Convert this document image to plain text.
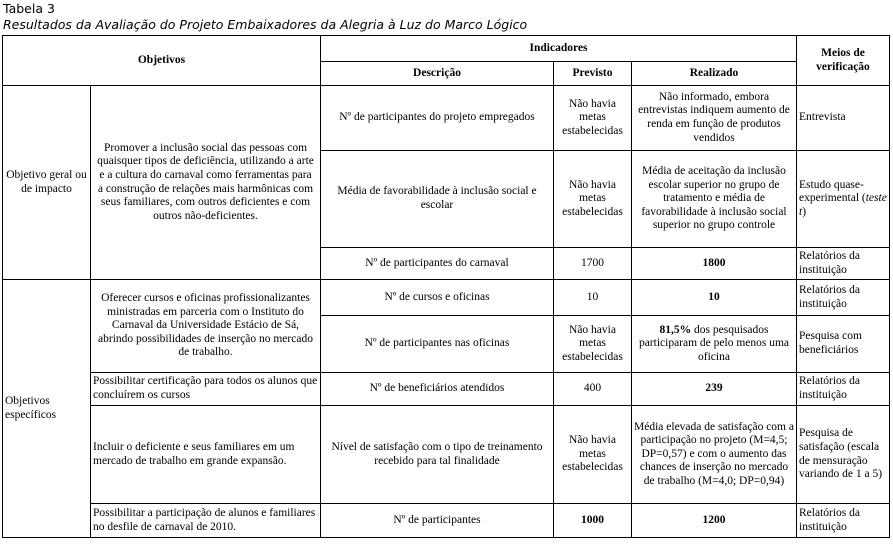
Tabela 3
Resultados da Avaliação do Projeto Embaixadores da Alegria à Luz do Marco Lógico
Objetivos		Indicadores			Meios de verificação
		Descrição	Previsto	Realizado	
Objetivo geral ou de impacto	Promover a inclusão social das pessoas com quaisquer tipos de deficiência, utilizando a arte e a cultura do carnaval como ferramentas para a construção de relações mais harmônicas com seus familiares, com outros deficientes e com outros não-deficientes.	Nº de participantes do projeto empregados	Não havia metas estabelecidas	Não informado, embora entrevistas indiquem aumento de renda em função de produtos vendidos	Entrevista
		Média de favorabilidade à inclusão social e escolar	Não havia metas estabelecidas	Média de aceitação da inclusão escolar superior no grupo de tratamento e média de favorabilidade à inclusão social superior no grupo controle	Estudo quase-experimental (teste t)
		Nº de participantes do carnaval	1700	1800	Relatórios da instituição
Objetivos específicos	Oferecer cursos e oficinas profissionalizantes ministradas em parceria com o Instituto do Carnaval da Universidade Estácio de Sá, abrindo possibilidades de inserção no mercado de trabalho.	Nº de cursos e oficinas	10	10	Relatórios da instituição
		Nº de participantes nas oficinas	Não havia metas estabelecidas	81,5% dos pesquisados participaram de pelo menos uma oficina	Pesquisa com beneficiários
	Possibilitar certificação para todos os alunos que concluírem os cursos	Nº de beneficiários atendidos	400	239	Relatórios da instituição
	Incluir o deficiente e seus familiares em um mercado de trabalho em grande expansão.	Nível de satisfação com o tipo de treinamento recebido para tal finalidade	Não havia metas estabelecidas	Média elevada de satisfação com a participação no projeto (M=4,5; DP=0,57) e com o aumento das chances de inserção no mercado de trabalho (M=4,0; DP=0,94)	Pesquisa de satisfação (escala de mensuração variando de 1 a 5)
	Possibilitar a participação de alunos e familiares no desfile de carnaval de 2010.	Nº de participantes	1000	1200	Relatórios da instituição
